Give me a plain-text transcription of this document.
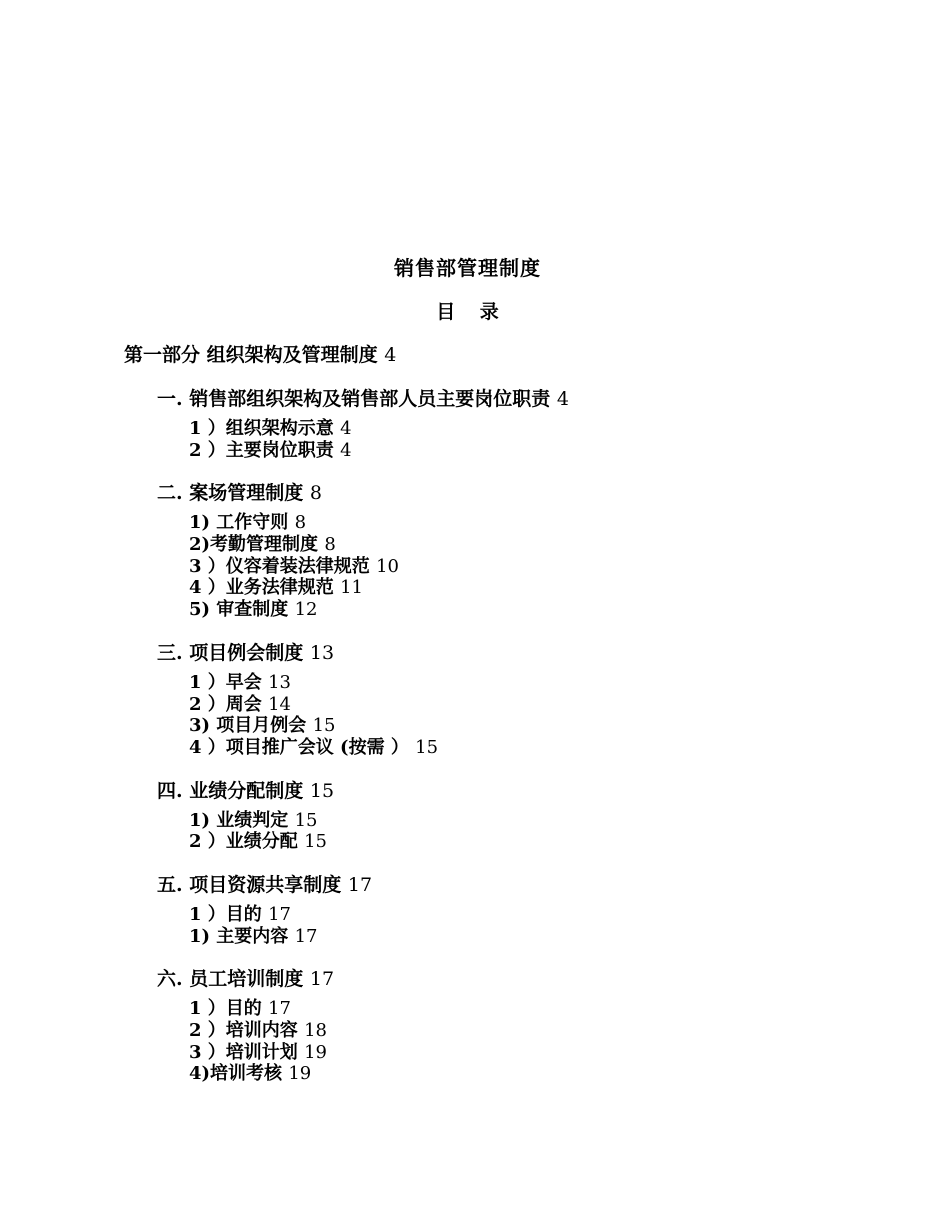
销售部管理制度
目 录
第一部分 组织架构及管理制度 4
一. 销售部组织架构及销售部人员主要岗位职责 4
1 ）组织架构示意 4
2 ）主要岗位职责 4
二. 案场管理制度 8
1) 工作守则 8
2)考勤管理制度 8
3 ）仪容着装法律规范 10
4 ）业务法律规范 11
5) 审查制度 12
三. 项目例会制度 13
1 ）早会 13
2 ）周会 14
3) 项目月例会 15
4 ）项目推广会议 (按需 ） 15
四. 业绩分配制度 15
1) 业绩判定 15
2 ）业绩分配 15
五. 项目资源共享制度 17
1 ）目的 17
1) 主要内容 17
六. 员工培训制度 17
1 ）目的 17
2 ）培训内容 18
3 ）培训计划 19
4)培训考核 19
